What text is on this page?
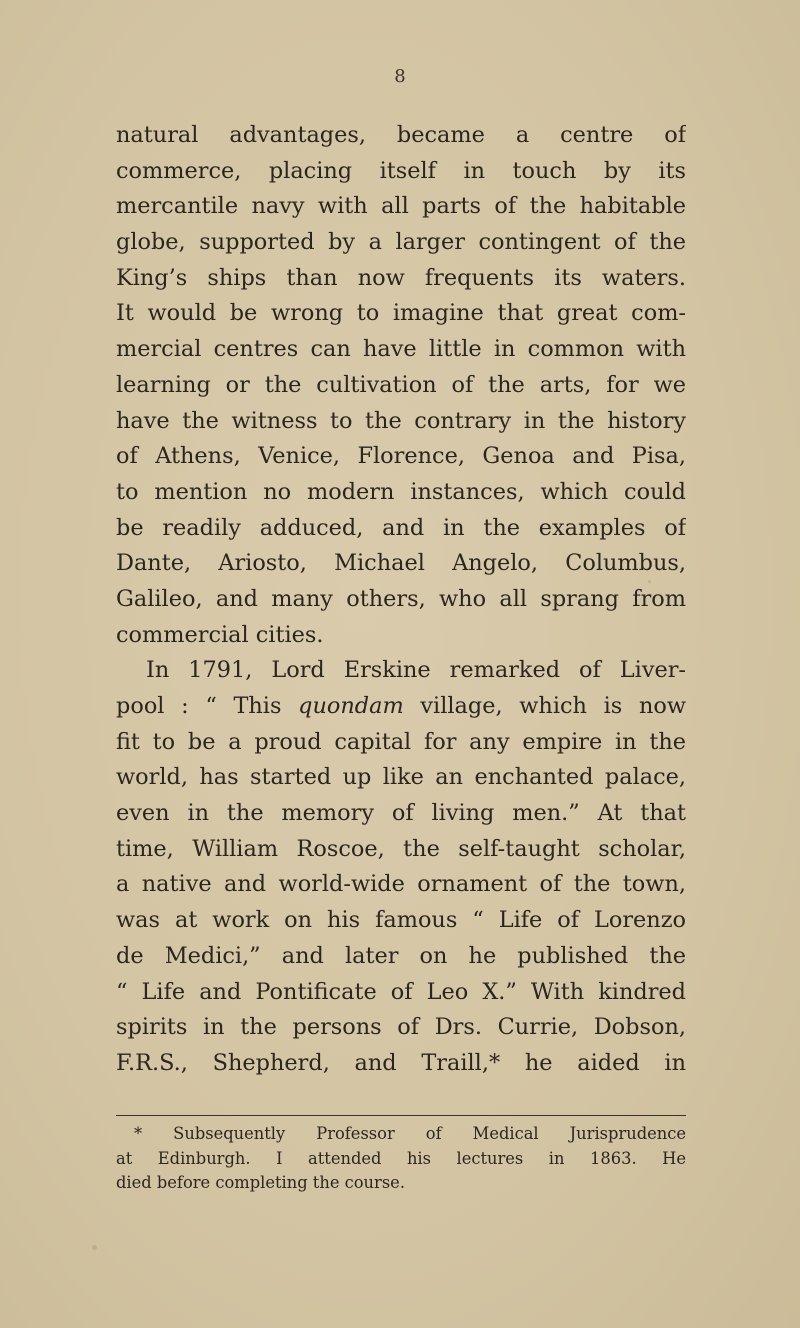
8
natural advantages, became a centre of
commerce, placing itself in touch by its
mercantile navy with all parts of the habitable
globe, supported by a larger contingent of the
King’s ships than now frequents its waters.
It would be wrong to imagine that great com-
mercial centres can have little in common with
learning or the cultivation of the arts, for we
have the witness to the contrary in the history
of Athens, Venice, Florence, Genoa and Pisa,
to mention no modern instances, which could
be readily adduced, and in the examples of
Dante, Ariosto, Michael Angelo, Columbus,
Galileo, and many others, who all sprang from
commercial cities.
In 1791, Lord Erskine remarked of Liver-
pool : “ This quondam village, which is now
fit to be a proud capital for any empire in the
world, has started up like an enchanted palace,
even in the memory of living men.” At that
time, William Roscoe, the self-taught scholar,
a native and world-wide ornament of the town,
was at work on his famous “ Life of Lorenzo
de Medici,” and later on he published the
“ Life and Pontificate of Leo X.” With kindred
spirits in the persons of Drs. Currie, Dobson,
F.R.S., Shepherd, and Traill,* he aided in
* Subsequently Professor of Medical Jurisprudence
at Edinburgh. I attended his lectures in 1863. He
died before completing the course.
